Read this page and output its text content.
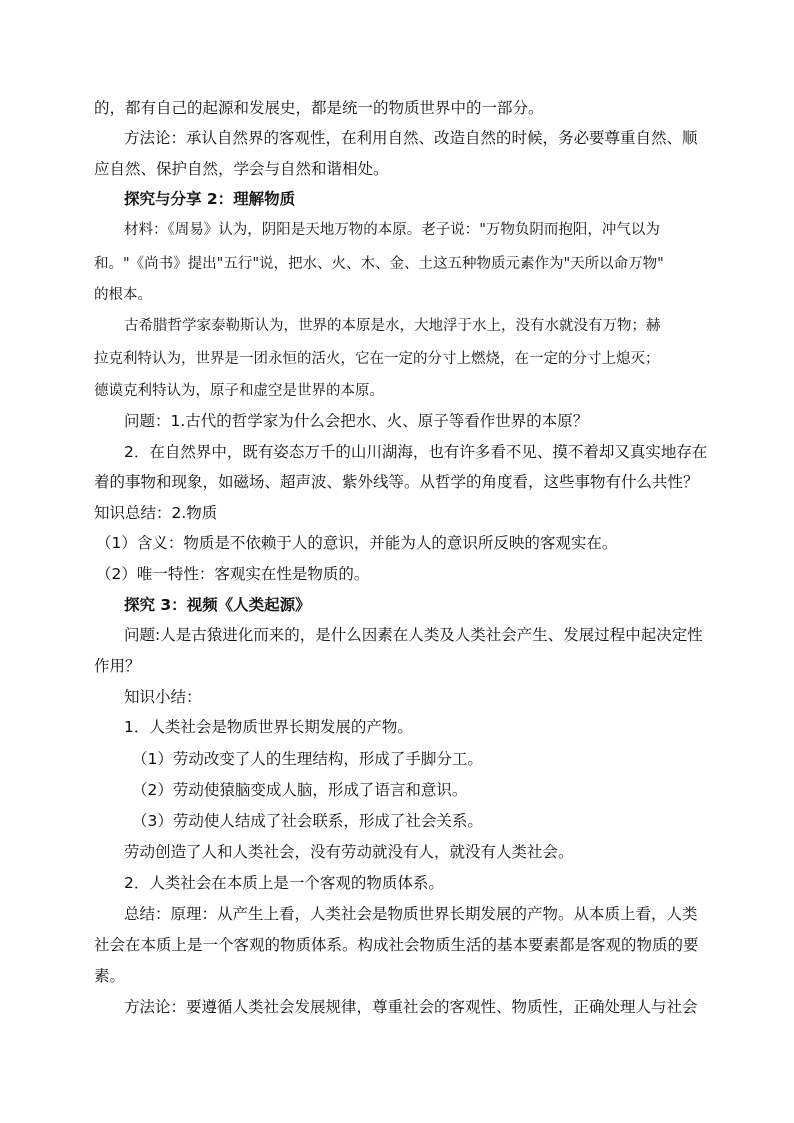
的，都有自己的起源和发展史，都是统一的物质世界中的一部分。
方法论：承认自然界的客观性，在利用自然、改造自然的时候，务必要尊重自然、顺
应自然、保护自然，学会与自然和谐相处。
探究与分享 2：理解物质
材料：《周易》认为，阴阳是天地万物的本原。老子说："万物负阴而抱阳，冲气以为
和。"《尚书》提出"五行"说，把水、火、木、金、土这五种物质元素作为"天所以命万物"
的根本。
古希腊哲学家泰勒斯认为，世界的本原是水，大地浮于水上，没有水就没有万物；赫
拉克利特认为，世界是一团永恒的活火，它在一定的分寸上燃烧，在一定的分寸上熄灭；
德谟克利特认为，原子和虚空是世界的本原。
问题：1.古代的哲学家为什么会把水、火、原子等看作世界的本原？
2．在自然界中，既有姿态万千的山川湖海，也有许多看不见、摸不着却又真实地存在
着的事物和现象，如磁场、超声波、紫外线等。从哲学的角度看，这些事物有什么共性？
知识总结：2.物质
（1）含义：物质是不依赖于人的意识，并能为人的意识所反映的客观实在。
（2）唯一特性：客观实在性是物质的。
探究 3：视频《人类起源》
问题:人是古猿进化而来的，是什么因素在人类及人类社会产生、发展过程中起决定性
作用？
知识小结：
1．人类社会是物质世界长期发展的产物。
（1）劳动改变了人的生理结构，形成了手脚分工。
（2）劳动使猿脑变成人脑，形成了语言和意识。
（3）劳动使人结成了社会联系，形成了社会关系。
劳动创造了人和人类社会，没有劳动就没有人，就没有人类社会。
2．人类社会在本质上是一个客观的物质体系。
总结：原理：从产生上看，人类社会是物质世界长期发展的产物。从本质上看，人类
社会在本质上是一个客观的物质体系。构成社会物质生活的基本要素都是客观的物质的要
素。
方法论：要遵循人类社会发展规律，尊重社会的客观性、物质性，正确处理人与社会
